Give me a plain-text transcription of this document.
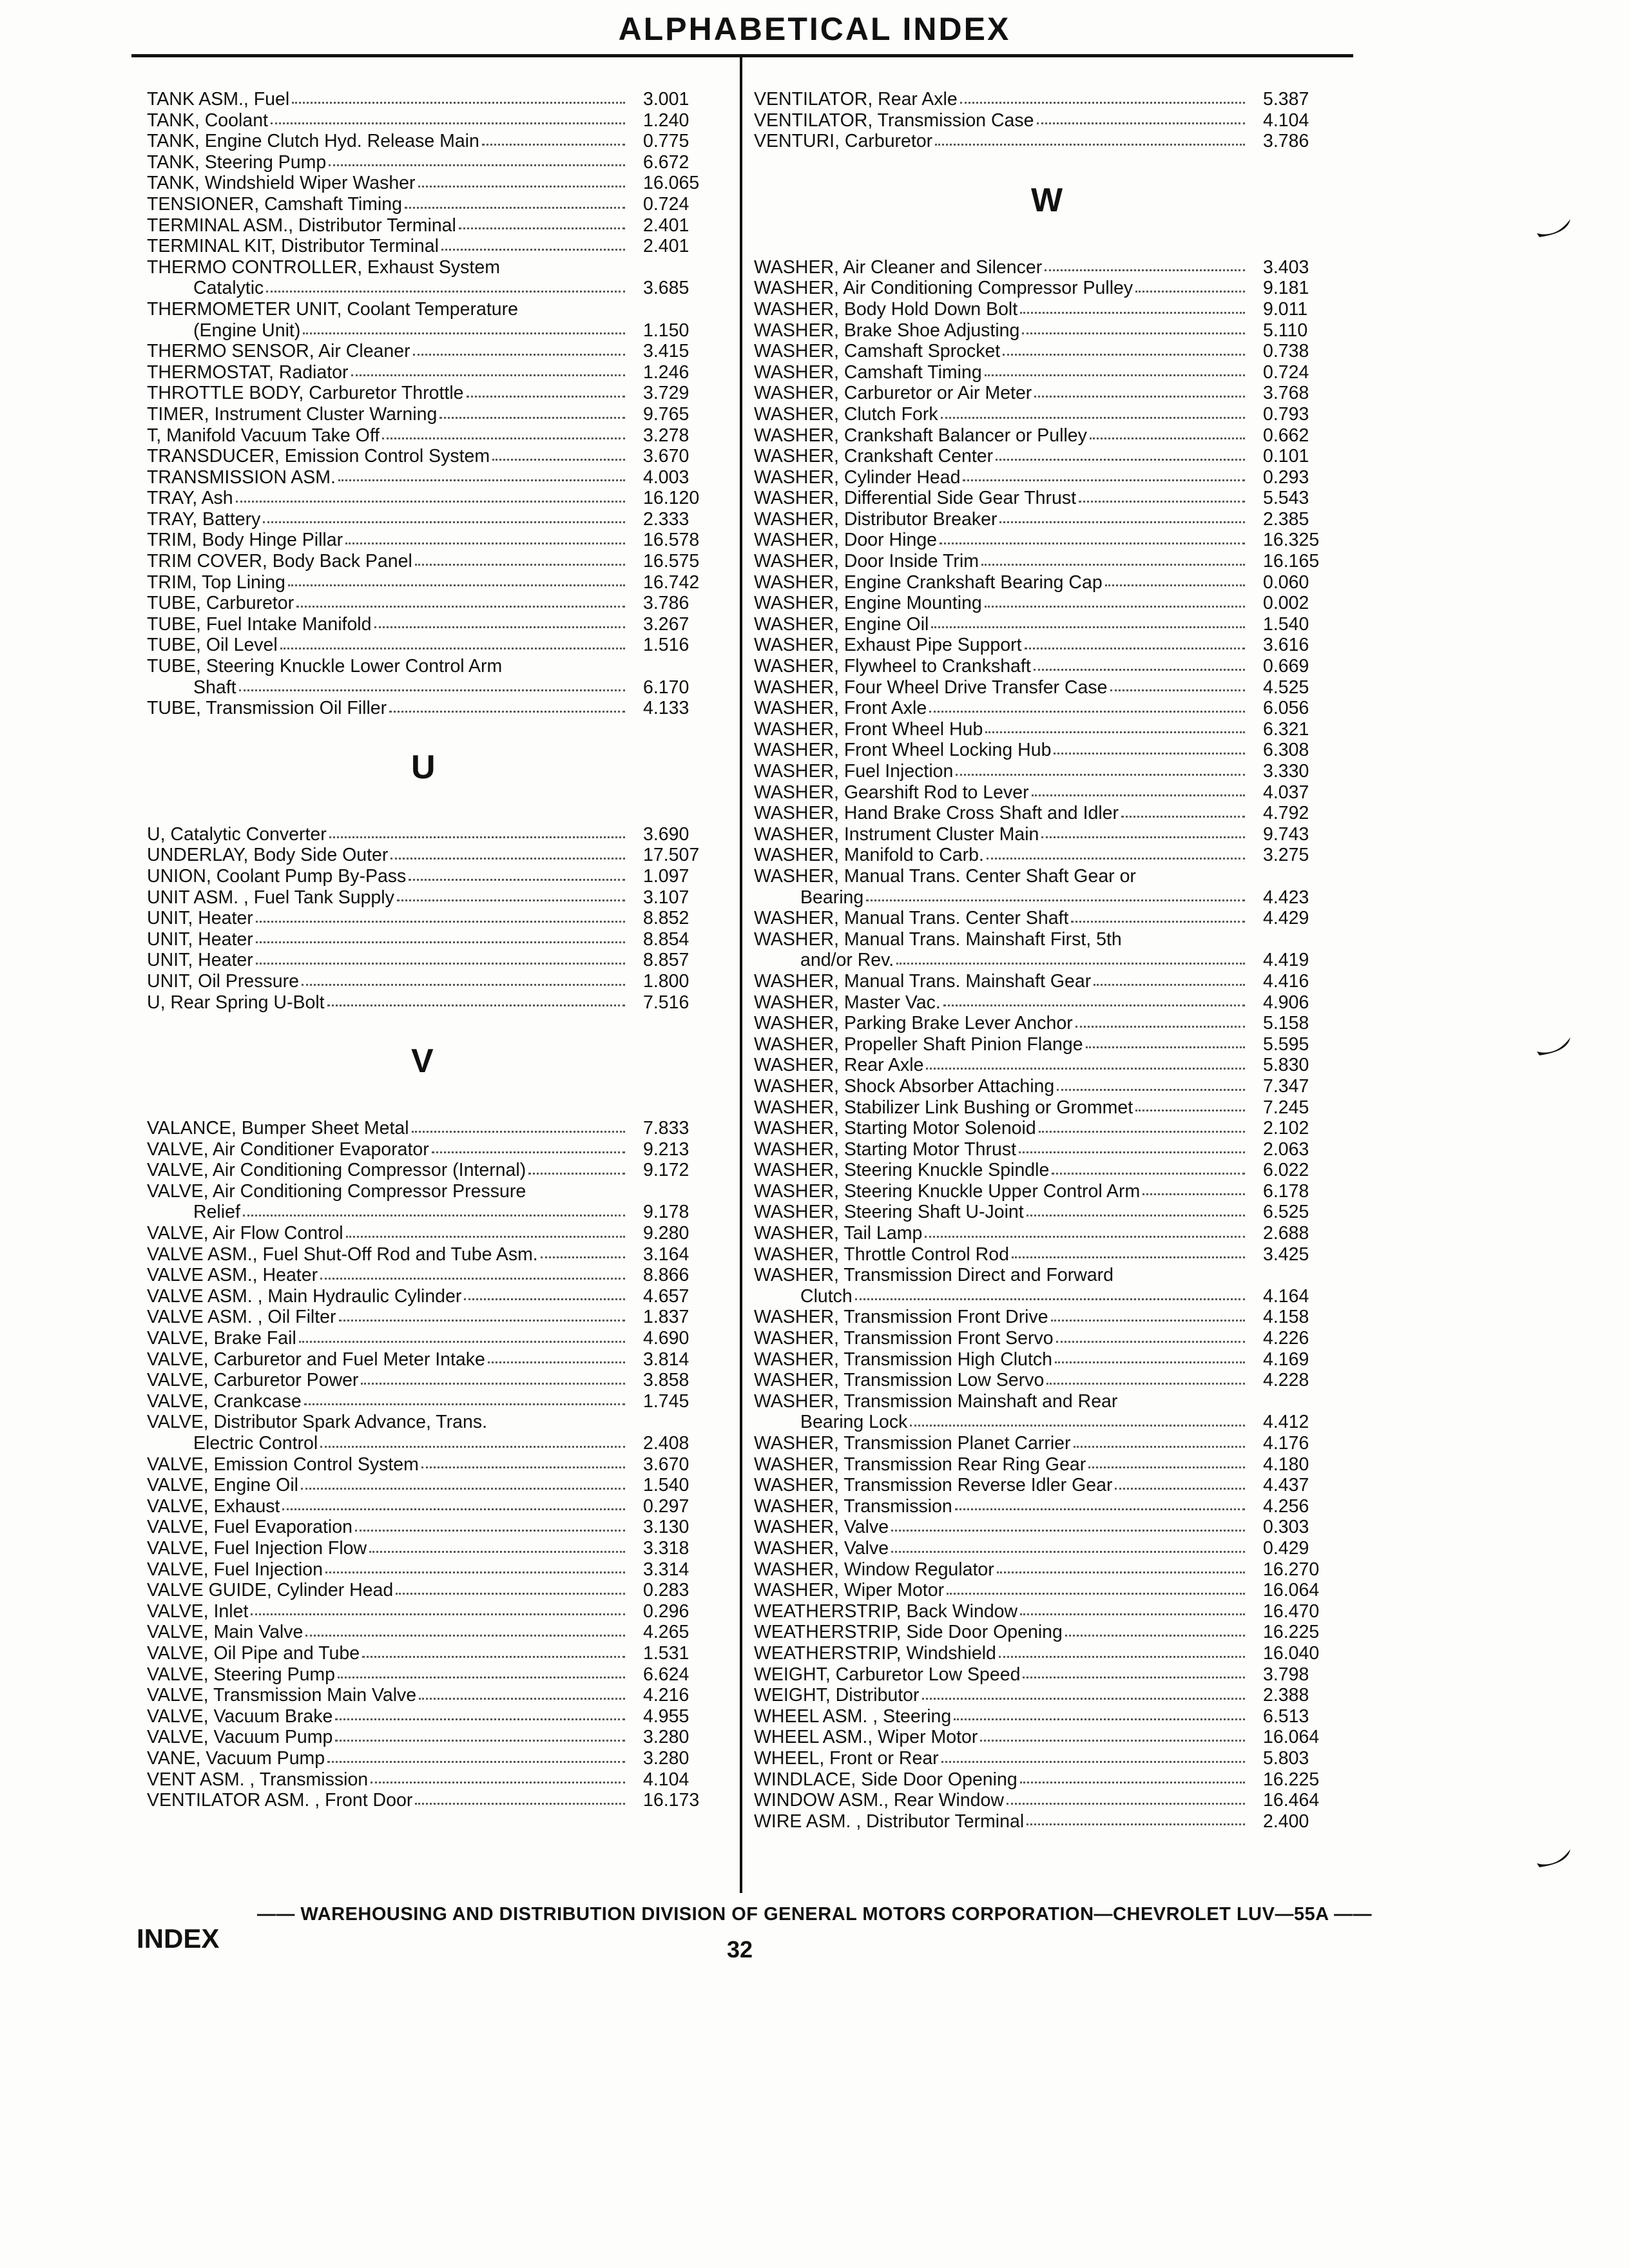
ALPHABETICAL INDEX
TANK ASM., Fuel	3.001
TANK, Coolant	1.240
TANK, Engine Clutch Hyd. Release Main	0.775
TANK, Steering Pump	6.672
TANK, Windshield Wiper Washer	16.065
TENSIONER, Camshaft Timing	0.724
TERMINAL ASM., Distributor Terminal	2.401
TERMINAL KIT, Distributor Terminal	2.401
THERMO CONTROLLER, Exhaust System
Catalytic	3.685
THERMOMETER UNIT, Coolant Temperature
(Engine Unit)	1.150
THERMO SENSOR, Air Cleaner	3.415
THERMOSTAT, Radiator	1.246
THROTTLE BODY, Carburetor Throttle	3.729
TIMER, Instrument Cluster Warning	9.765
T, Manifold Vacuum Take Off	3.278
TRANSDUCER, Emission Control System	3.670
TRANSMISSION ASM.	4.003
TRAY, Ash	16.120
TRAY, Battery	2.333
TRIM, Body Hinge Pillar	16.578
TRIM COVER, Body Back Panel	16.575
TRIM, Top Lining	16.742
TUBE, Carburetor	3.786
TUBE, Fuel Intake Manifold	3.267
TUBE, Oil Level	1.516
TUBE, Steering Knuckle Lower Control Arm
Shaft	6.170
TUBE, Transmission Oil Filler	4.133
U
U, Catalytic Converter	3.690
UNDERLAY, Body Side Outer	17.507
UNION, Coolant Pump By-Pass	1.097
UNIT ASM. , Fuel Tank Supply	3.107
UNIT, Heater	8.852
UNIT, Heater	8.854
UNIT, Heater	8.857
UNIT, Oil Pressure	1.800
U, Rear Spring U-Bolt	7.516
V
VALANCE, Bumper Sheet Metal	7.833
VALVE, Air Conditioner Evaporator	9.213
VALVE, Air Conditioning Compressor (Internal)	9.172
VALVE, Air Conditioning Compressor Pressure
Relief	9.178
VALVE, Air Flow Control	9.280
VALVE ASM., Fuel Shut-Off Rod and Tube Asm.	3.164
VALVE ASM., Heater	8.866
VALVE ASM. , Main Hydraulic Cylinder	4.657
VALVE ASM. , Oil Filter	1.837
VALVE, Brake Fail	4.690
VALVE, Carburetor and Fuel Meter Intake	3.814
VALVE, Carburetor Power	3.858
VALVE, Crankcase	1.745
VALVE, Distributor Spark Advance, Trans.
Electric Control	2.408
VALVE, Emission Control System	3.670
VALVE, Engine Oil	1.540
VALVE, Exhaust	0.297
VALVE, Fuel Evaporation	3.130
VALVE, Fuel Injection Flow	3.318
VALVE, Fuel Injection	3.314
VALVE GUIDE, Cylinder Head	0.283
VALVE, Inlet	0.296
VALVE, Main Valve	4.265
VALVE, Oil Pipe and Tube	1.531
VALVE, Steering Pump	6.624
VALVE, Transmission Main Valve	4.216
VALVE, Vacuum Brake	4.955
VALVE, Vacuum Pump	3.280
VANE, Vacuum Pump	3.280
VENT ASM. , Transmission	4.104
VENTILATOR ASM. , Front Door	16.173
VENTILATOR, Rear Axle	5.387
VENTILATOR, Transmission Case	4.104
VENTURI, Carburetor	3.786
W
WASHER, Air Cleaner and Silencer	3.403
WASHER, Air Conditioning Compressor Pulley	9.181
WASHER, Body Hold Down Bolt	9.011
WASHER, Brake Shoe Adjusting	5.110
WASHER, Camshaft Sprocket	0.738
WASHER, Camshaft Timing	0.724
WASHER, Carburetor or Air Meter	3.768
WASHER, Clutch Fork	0.793
WASHER, Crankshaft Balancer or Pulley	0.662
WASHER, Crankshaft Center	0.101
WASHER, Cylinder Head	0.293
WASHER, Differential Side Gear Thrust	5.543
WASHER, Distributor Breaker	2.385
WASHER, Door Hinge	16.325
WASHER, Door Inside Trim	16.165
WASHER, Engine Crankshaft Bearing Cap	0.060
WASHER, Engine Mounting	0.002
WASHER, Engine Oil	1.540
WASHER, Exhaust Pipe Support	3.616
WASHER, Flywheel to Crankshaft	0.669
WASHER, Four Wheel Drive Transfer Case	4.525
WASHER, Front Axle	6.056
WASHER, Front Wheel Hub	6.321
WASHER, Front Wheel Locking Hub	6.308
WASHER, Fuel Injection	3.330
WASHER, Gearshift Rod to Lever	4.037
WASHER, Hand Brake Cross Shaft and Idler	4.792
WASHER, Instrument Cluster Main	9.743
WASHER, Manifold to Carb.	3.275
WASHER, Manual Trans. Center Shaft Gear or
Bearing	4.423
WASHER, Manual Trans. Center Shaft	4.429
WASHER, Manual Trans. Mainshaft First, 5th
and/or Rev.	4.419
WASHER, Manual Trans. Mainshaft Gear	4.416
WASHER, Master Vac.	4.906
WASHER, Parking Brake Lever Anchor	5.158
WASHER, Propeller Shaft Pinion Flange	5.595
WASHER, Rear Axle	5.830
WASHER, Shock Absorber Attaching	7.347
WASHER, Stabilizer Link Bushing or Grommet	7.245
WASHER, Starting Motor Solenoid	2.102
WASHER, Starting Motor Thrust	2.063
WASHER, Steering Knuckle Spindle	6.022
WASHER, Steering Knuckle Upper Control Arm	6.178
WASHER, Steering Shaft U-Joint	6.525
WASHER, Tail Lamp	2.688
WASHER, Throttle Control Rod	3.425
WASHER, Transmission Direct and Forward
Clutch	4.164
WASHER, Transmission Front Drive	4.158
WASHER, Transmission Front Servo	4.226
WASHER, Transmission High Clutch	4.169
WASHER, Transmission Low Servo	4.228
WASHER, Transmission Mainshaft and Rear
Bearing Lock	4.412
WASHER, Transmission Planet Carrier	4.176
WASHER, Transmission Rear Ring Gear	4.180
WASHER, Transmission Reverse Idler Gear	4.437
WASHER, Transmission	4.256
WASHER, Valve	0.303
WASHER, Valve	0.429
WASHER, Window Regulator	16.270
WASHER, Wiper Motor	16.064
WEATHERSTRIP, Back Window	16.470
WEATHERSTRIP, Side Door Opening	16.225
WEATHERSTRIP, Windshield	16.040
WEIGHT, Carburetor Low Speed	3.798
WEIGHT, Distributor	2.388
WHEEL ASM. , Steering	6.513
WHEEL ASM., Wiper Motor	16.064
WHEEL, Front or Rear	5.803
WINDLACE, Side Door Opening	16.225
WINDOW ASM., Rear Window	16.464
WIRE ASM. , Distributor Terminal	2.400
—— WAREHOUSING AND DISTRIBUTION DIVISION OF GENERAL MOTORS CORPORATION—CHEVROLET LUV—55A ——
INDEX	32
